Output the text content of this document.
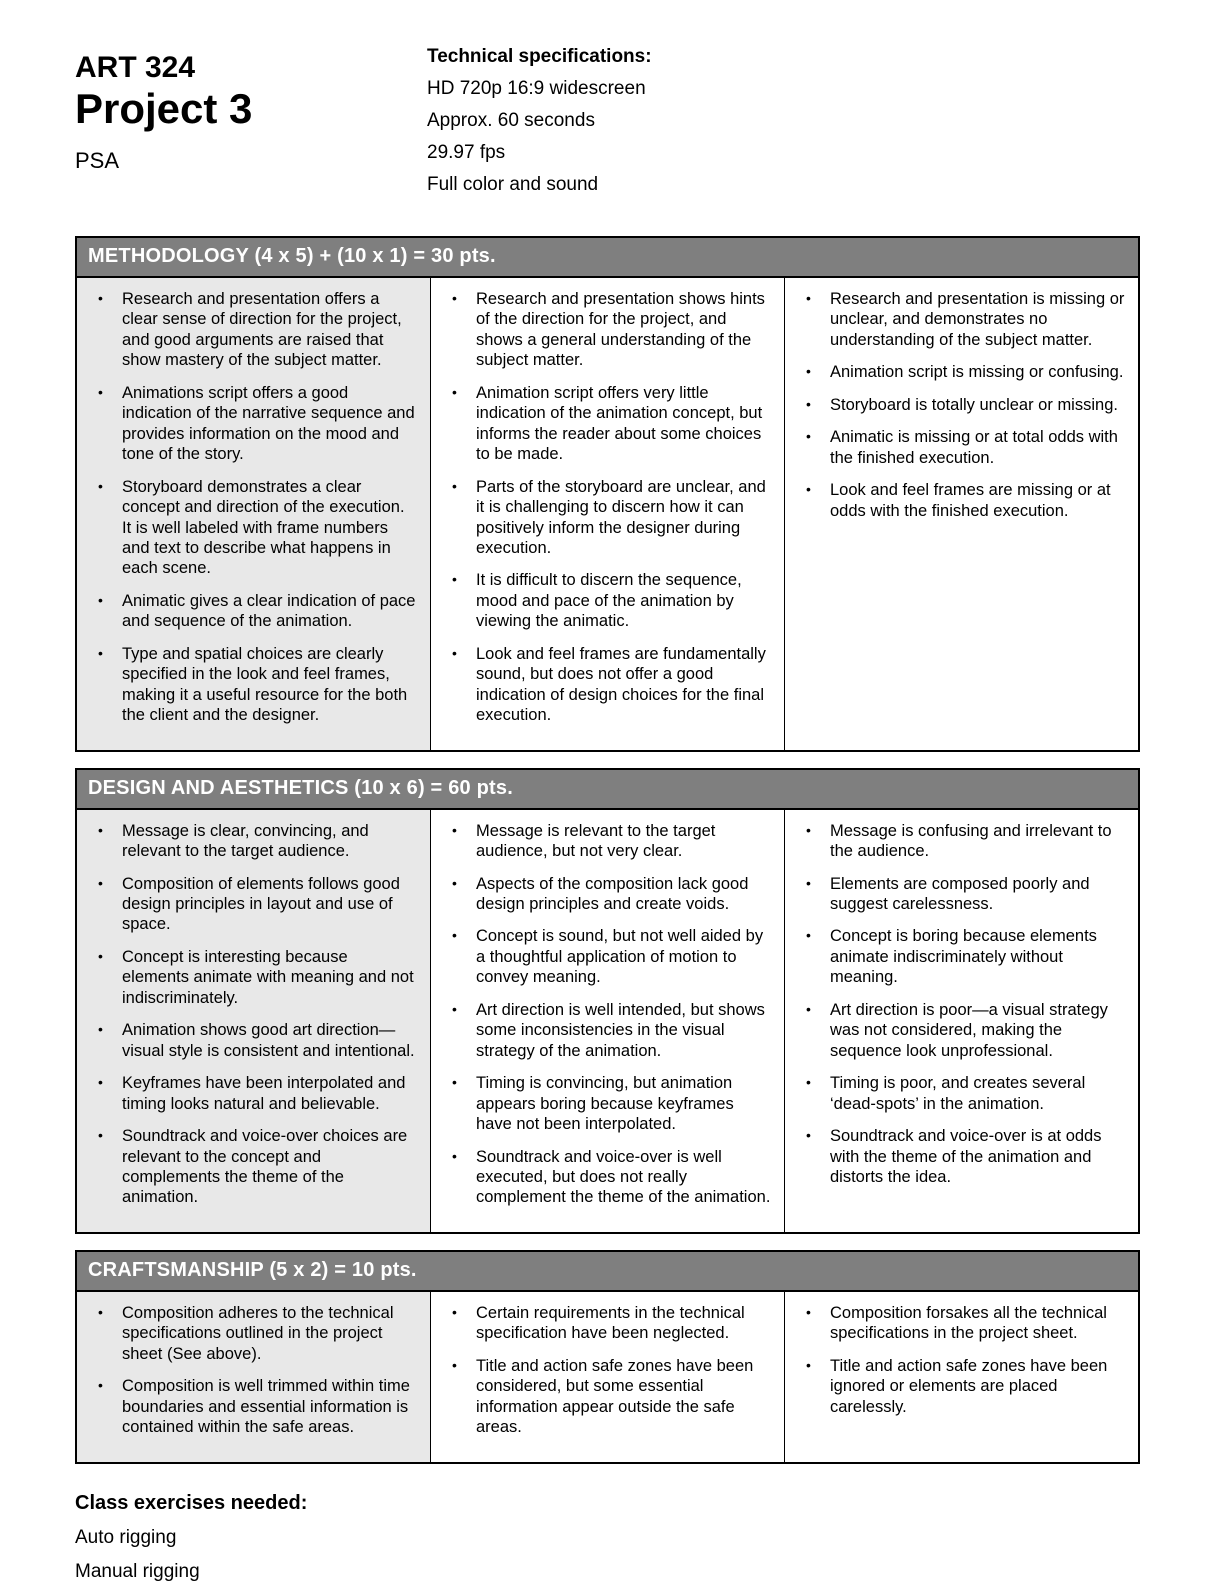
ART 324
Project 3
PSA
Technical specifications:
HD 720p 16:9 widescreen
Approx. 60 seconds
29.97 fps
Full color and sound
METHODOLOGY (4 x 5) + (10 x 1) = 30 pts.
• Research and presentation offers a clear sense of direction for the project, and good arguments are raised that show mastery of the subject matter.
• Animations script offers a good indication of the narrative sequence and provides information on the mood and tone of the story.
• Storyboard demonstrates a clear concept and direction of the execution. It is well labeled with frame numbers and text to describe what happens in each scene.
• Animatic gives a clear indication of pace and sequence of the animation.
• Type and spatial choices are clearly specified in the look and feel frames, making it a useful resource for the both the client and the designer.
• Research and presentation shows hints of the direction for the project, and shows a general understanding of the subject matter.
• Animation script offers very little indication of the animation concept, but informs the reader about some choices to be made.
• Parts of the storyboard are unclear, and it is challenging to discern how it can positively inform the designer during execution.
• It is difficult to discern the sequence, mood and pace of the animation by viewing the animatic.
• Look and feel frames are fundamentally sound, but does not offer a good indication of design choices for the final execution.
• Research and presentation is missing or unclear, and demonstrates no understanding of the subject matter.
• Animation script is missing or confusing.
• Storyboard is totally unclear or missing.
• Animatic is missing or at total odds with the finished execution.
• Look and feel frames are missing or at odds with the finished execution.
DESIGN AND AESTHETICS (10 x 6) = 60 pts.
• Message is clear, convincing, and relevant to the target audience.
• Composition of elements follows good design principles in layout and use of space.
• Concept is interesting because elements animate with meaning and not indiscriminately.
• Animation shows good art direction—visual style is consistent and intentional.
• Keyframes have been interpolated and timing looks natural and believable.
• Soundtrack and voice-over choices are relevant to the concept and complements the theme of the animation.
• Message is relevant to the target audience, but not very clear.
• Aspects of the composition lack good design principles and create voids.
• Concept is sound, but not well aided by a thoughtful application of motion to convey meaning.
• Art direction is well intended, but shows some inconsistencies in the visual strategy of the animation.
• Timing is convincing, but animation appears boring because keyframes have not been interpolated.
• Soundtrack and voice-over is well executed, but does not really complement the theme of the animation.
• Message is confusing and irrelevant to the audience.
• Elements are composed poorly and suggest carelessness.
• Concept is boring because elements animate indiscriminately without meaning.
• Art direction is poor—a visual strategy was not considered, making the sequence look unprofessional.
• Timing is poor, and creates several ‘dead-spots’ in the animation.
• Soundtrack and voice-over is at odds with the theme of the animation and distorts the idea.
CRAFTSMANSHIP (5 x 2) = 10 pts.
• Composition adheres to the technical specifications outlined in the project sheet (See above).
• Composition is well trimmed within time boundaries and essential information is contained within the safe areas.
• Certain requirements in the technical specification have been neglected.
• Title and action safe zones have been considered, but some essential information appear outside the safe areas.
• Composition forsakes all the technical specifications in the project sheet.
• Title and action safe zones have been ignored or elements are placed carelessly.
Class exercises needed:
Auto rigging
Manual rigging
